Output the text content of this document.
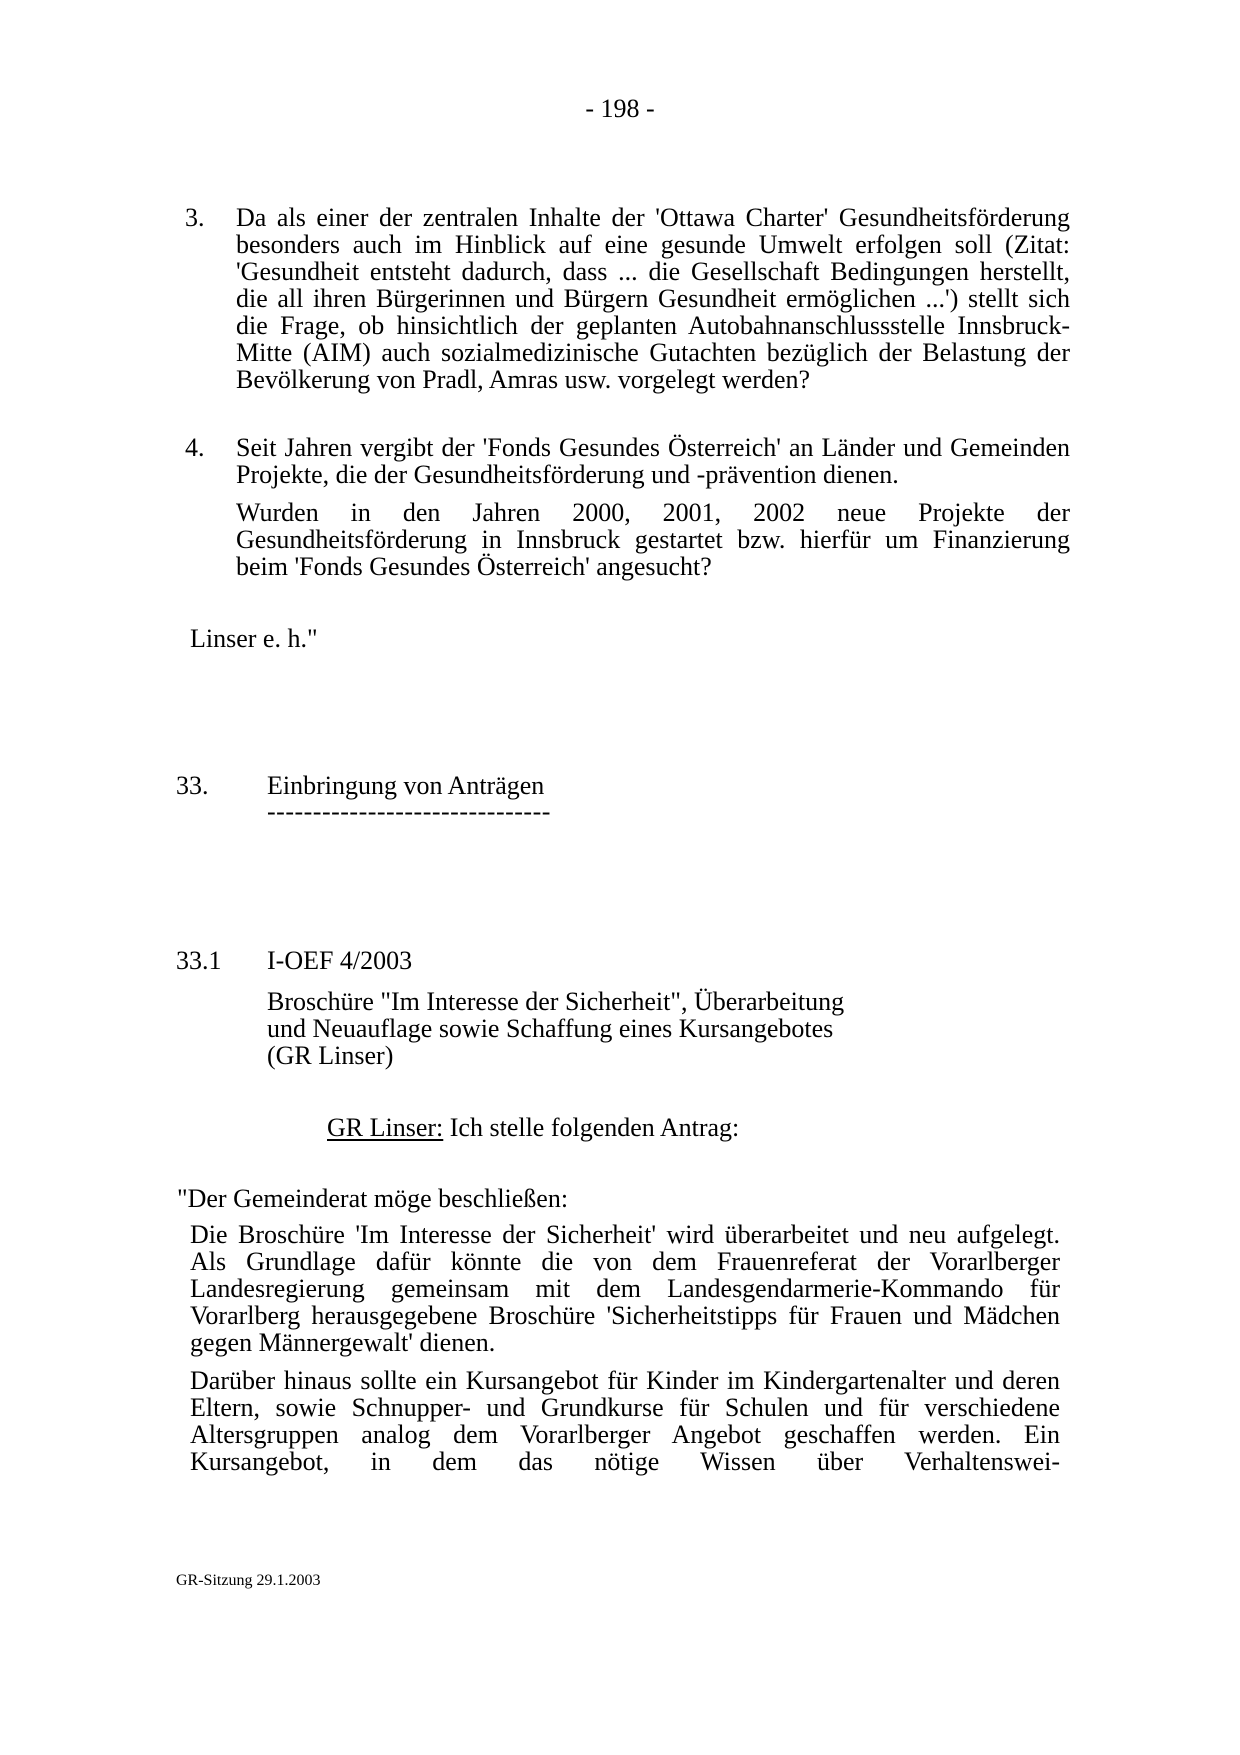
- 198 -
3. Da als einer der zentralen Inhalte der 'Ottawa Charter' Gesundheitsförderung besonders auch im Hinblick auf eine gesunde Umwelt erfolgen soll (Zitat: 'Gesundheit entsteht dadurch, dass ... die Gesellschaft Bedingungen herstellt, die all ihren Bürgerinnen und Bürgern Gesundheit ermöglichen ...') stellt sich die Frage, ob hinsichtlich der geplanten Autobahnanschlussstelle Innsbruck-Mitte (AIM) auch sozialmedizinische Gutachten bezüglich der Belastung der Bevölkerung von Pradl, Amras usw. vorgelegt werden?

4. Seit Jahren vergibt der 'Fonds Gesundes Österreich' an Länder und Gemeinden Projekte, die der Gesundheitsförderung und -prävention dienen.

Wurden in den Jahren 2000, 2001, 2002 neue Projekte der Gesundheitsförderung in Innsbruck gestartet bzw. hierfür um Finanzierung beim 'Fonds Gesundes Österreich' angesucht?

Linser e. h."
33. Einbringung von Anträgen
-------------------------------
33.1 I-OEF 4/2003
Broschüre "Im Interesse der Sicherheit", Überarbeitung
und Neuauflage sowie Schaffung eines Kursangebotes
(GR Linser)
GR Linser: Ich stelle folgenden Antrag:
"Der Gemeinderat möge beschließen:

Die Broschüre 'Im Interesse der Sicherheit' wird überarbeitet und neu aufgelegt. Als Grundlage dafür könnte die von dem Frauenreferat der Vorarlberger Landesregierung gemeinsam mit dem Landesgendarmerie-Kommando für Vorarlberg herausgegebene Broschüre 'Sicherheitstipps für Frauen und Mädchen gegen Männergewalt' dienen.

Darüber hinaus sollte ein Kursangebot für Kinder im Kindergartenalter und deren Eltern, sowie Schnupper- und Grundkurse für Schulen und für verschiedene Altersgruppen analog dem Vorarlberger Angebot geschaffen werden. Ein Kursangebot, in dem das nötige Wissen über Verhaltenswei-

GR-Sitzung 29.1.2003
